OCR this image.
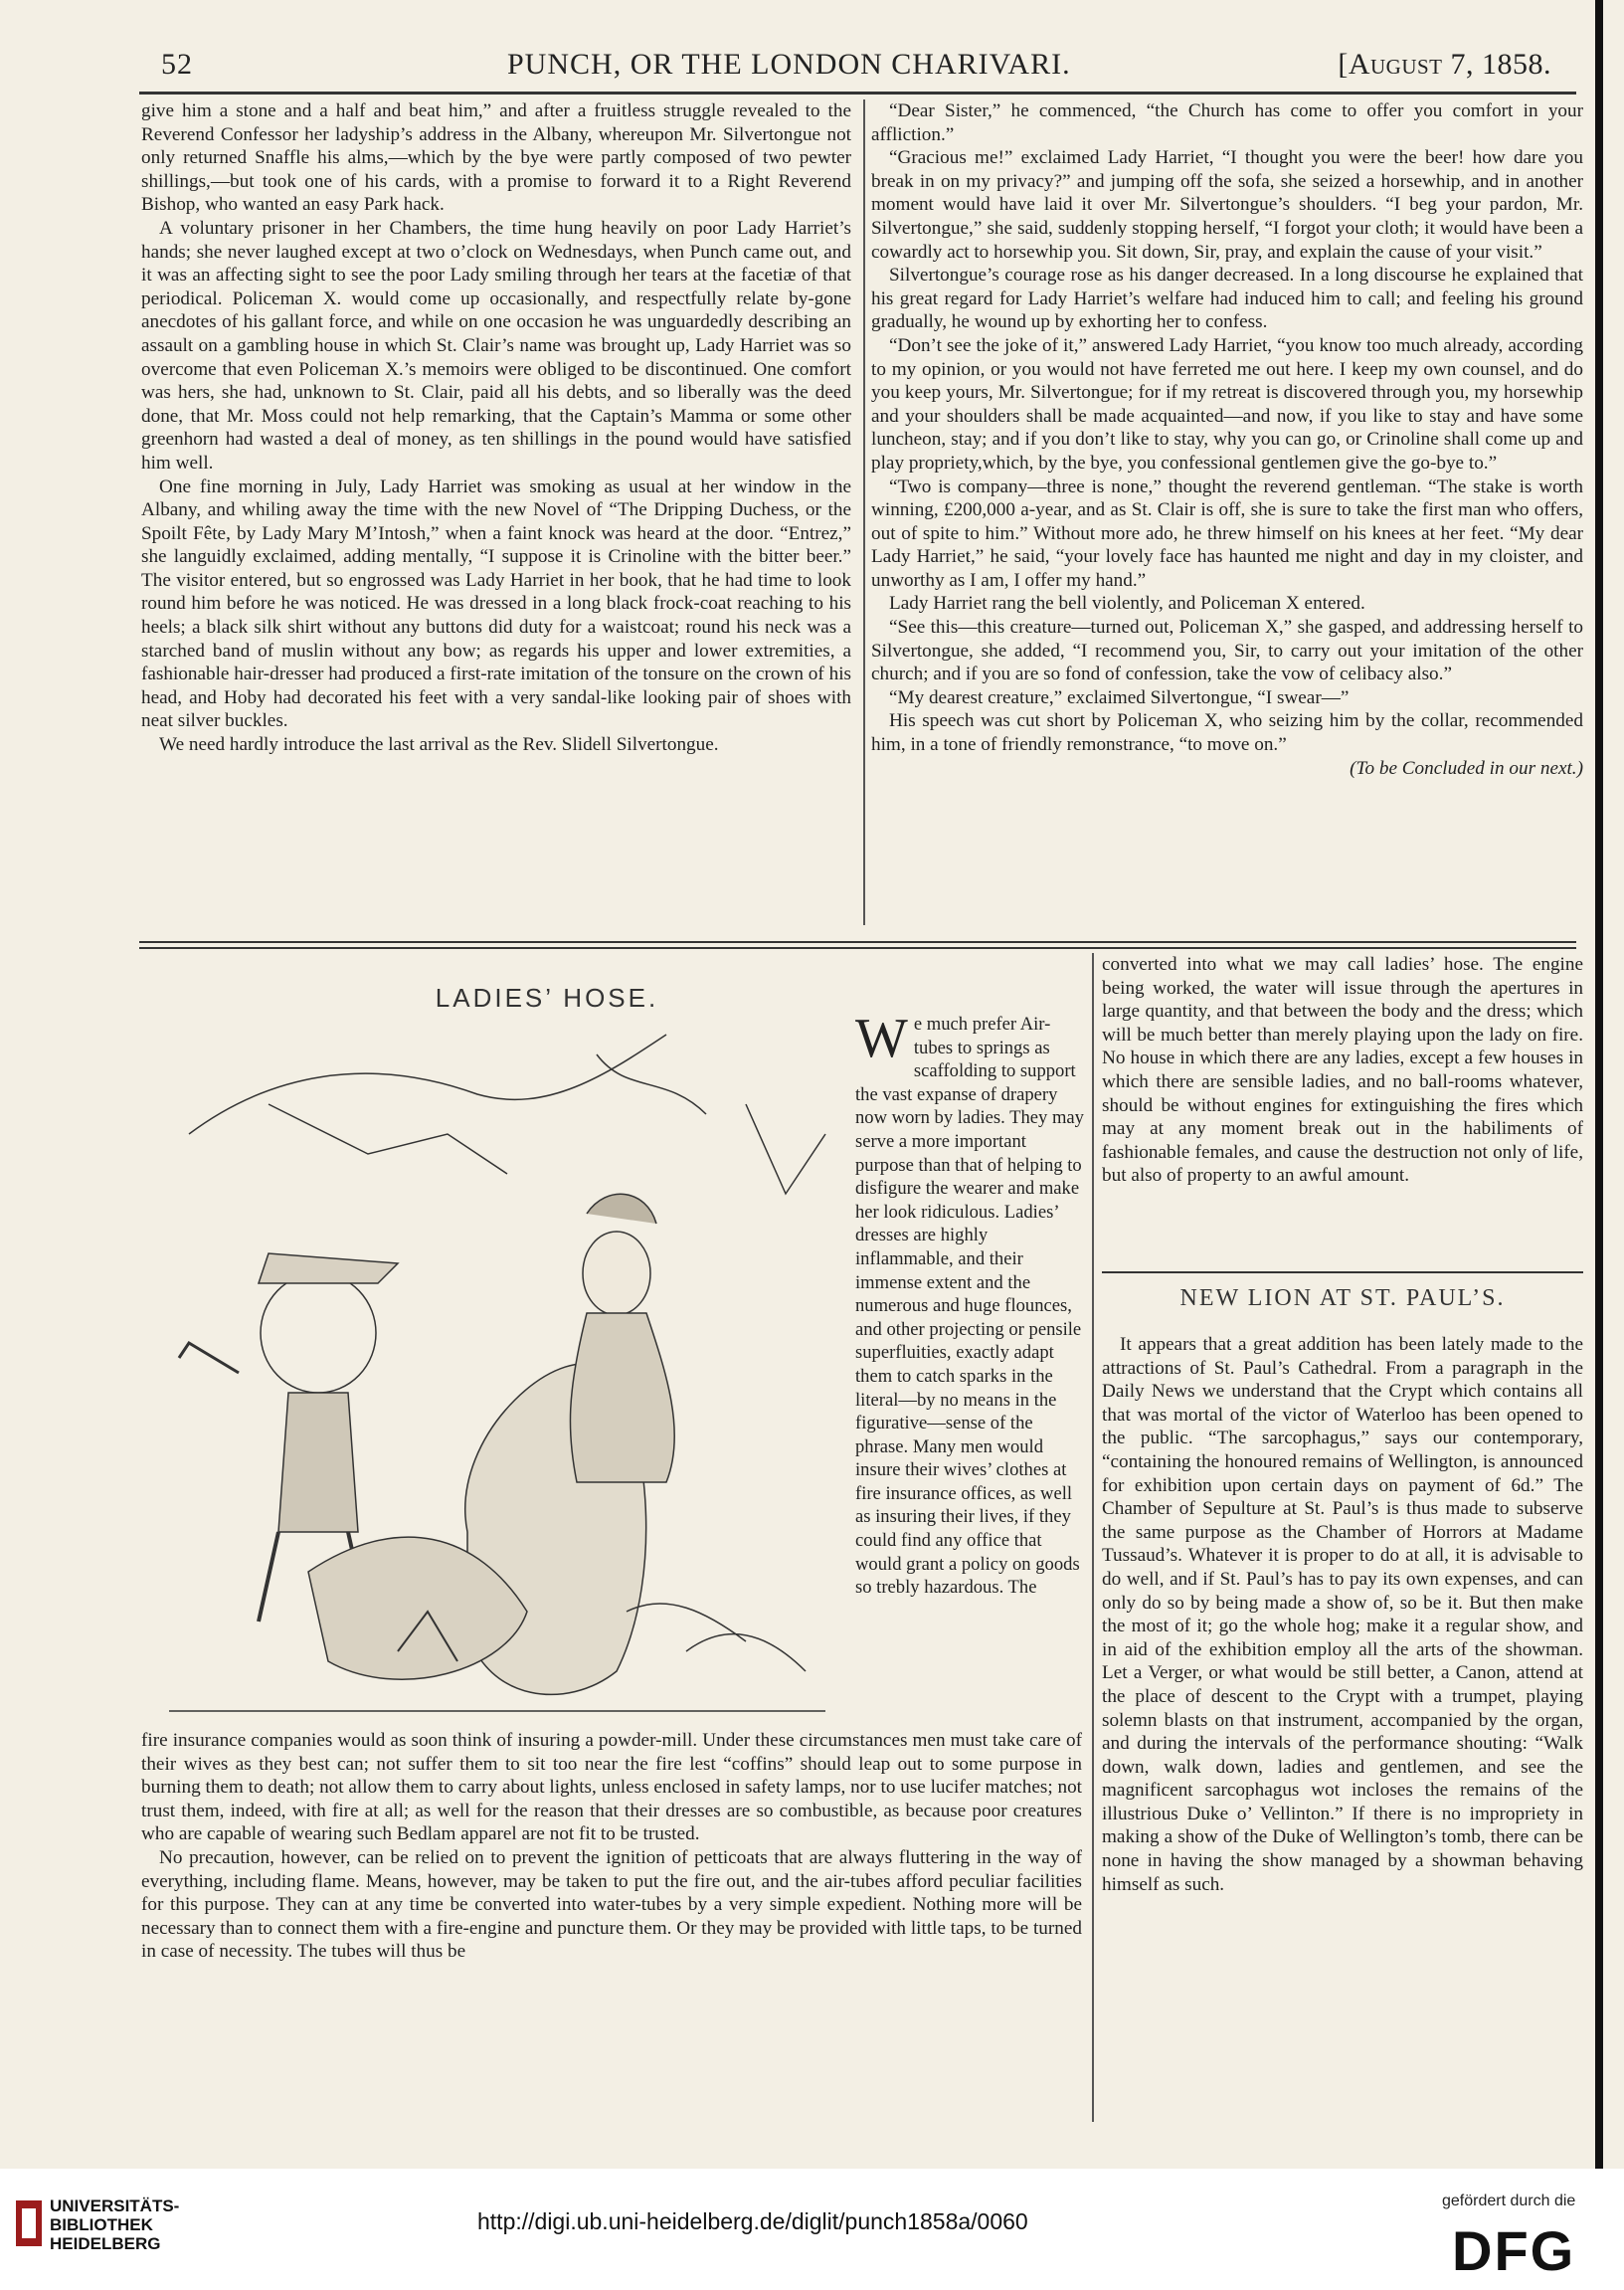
52	PUNCH, OR THE LONDON CHARIVARI.	[August 7, 1858.

give him a stone and a half and beat him,” and after a fruitless struggle revealed to the Reverend Confessor her ladyship’s address in the Albany, whereupon Mr. Silvertongue not only returned Snaffle his alms,—which by the bye were partly composed of two pewter shillings,—but took one of his cards, with a promise to forward it to a Right Reverend Bishop, who wanted an easy Park hack.

A voluntary prisoner in her Chambers, the time hung heavily on poor Lady Harriet’s hands; she never laughed except at two o’clock on Wednesdays, when Punch came out, and it was an affecting sight to see the poor Lady smiling through her tears at the facetiæ of that periodical. Policeman X. would come up occasionally, and respectfully relate by-gone anecdotes of his gallant force, and while on one occasion he was unguardedly describing an assault on a gambling house in which St. Clair’s name was brought up, Lady Harriet was so overcome that even Policeman X.’s memoirs were obliged to be discontinued. One comfort was hers, she had, unknown to St. Clair, paid all his debts, and so liberally was the deed done, that Mr. Moss could not help remarking, that the Captain’s Mamma or some other greenhorn had wasted a deal of money, as ten shillings in the pound would have satisfied him well.

One fine morning in July, Lady Harriet was smoking as usual at her window in the Albany, and whiling away the time with the new Novel of “The Dripping Duchess, or the Spoilt Fête, by Lady Mary M’Intosh,” when a faint knock was heard at the door. “Entrez,” she languidly exclaimed, adding mentally, “I suppose it is Crinoline with the bitter beer.” The visitor entered, but so engrossed was Lady Harriet in her book, that he had time to look round him before he was noticed. He was dressed in a long black frock-coat reaching to his heels; a black silk shirt without any buttons did duty for a waistcoat; round his neck was a starched band of muslin without any bow; as regards his upper and lower extremities, a fashionable hair-dresser had produced a first-rate imitation of the tonsure on the crown of his head, and Hoby had decorated his feet with a very sandal-like looking pair of shoes with neat silver buckles.

We need hardly introduce the last arrival as the Rev. Slidell Silvertongue.

“Dear Sister,” he commenced, “the Church has come to offer you comfort in your affliction.”

“Gracious me!” exclaimed Lady Harriet, “I thought you were the beer! how dare you break in on my privacy?” and jumping off the sofa, she seized a horsewhip, and in another moment would have laid it over Mr. Silvertongue’s shoulders. “I beg your pardon, Mr. Silvertongue,” she said, suddenly stopping herself, “I forgot your cloth; it would have been a cowardly act to horsewhip you. Sit down, Sir, pray, and explain the cause of your visit.”

Silvertongue’s courage rose as his danger decreased. In a long discourse he explained that his great regard for Lady Harriet’s welfare had induced him to call; and feeling his ground gradually, he wound up by exhorting her to confess.

“Don’t see the joke of it,” answered Lady Harriet, “you know too much already, according to my opinion, or you would not have ferreted me out here. I keep my own counsel, and do you keep yours, Mr. Silvertongue; for if my retreat is discovered through you, my horsewhip and your shoulders shall be made acquainted—and now, if you like to stay and have some luncheon, stay; and if you don’t like to stay, why you can go, or Crinoline shall come up and play propriety,which, by the bye, you confessional gentlemen give the go-bye to.”

“Two is company—three is none,” thought the reverend gentleman. “The stake is worth winning, £200,000 a-year, and as St. Clair is off, she is sure to take the first man who offers, out of spite to him.” Without more ado, he threw himself on his knees at her feet. “My dear Lady Harriet,” he said, “your lovely face has haunted me night and day in my cloister, and unworthy as I am, I offer my hand.”

Lady Harriet rang the bell violently, and Policeman X entered.

“See this—this creature—turned out, Policeman X,” she gasped, and addressing herself to Silvertongue, she added, “I recommend you, Sir, to carry out your imitation of the other church; and if you are so fond of confession, take the vow of celibacy also.”

“My dearest creature,” exclaimed Silvertongue, “I swear—”

His speech was cut short by Policeman X, who seizing him by the collar, recommended him, in a tone of friendly remonstrance, “to move on.”

(To be Concluded in our next.)

LADIES’ HOSE.
We much prefer Air-tubes to springs as scaffolding to support the vast expanse of drapery now worn by ladies. They may serve a more important purpose than that of helping to disfigure the wearer and make her look ridiculous. Ladies’ dresses are highly inflammable, and their immense extent and the numerous and huge flounces, and other projecting or pensile superfluities, exactly adapt them to catch sparks in the literal—by no means in the figurative—sense of the phrase. Many men would insure their wives’ clothes at fire insurance offices, as well as insuring their lives, if they could find any office that would grant a policy on goods so trebly hazardous. The

fire insurance companies would as soon think of insuring a powder-mill. Under these circumstances men must take care of their wives as they best can; not suffer them to sit too near the fire lest “coffins” should leap out to some purpose in burning them to death; not allow them to carry about lights, unless enclosed in safety lamps, nor to use lucifer matches; not trust them, indeed, with fire at all; as well for the reason that their dresses are so combustible, as because poor creatures who are capable of wearing such Bedlam apparel are not fit to be trusted.

No precaution, however, can be relied on to prevent the ignition of petticoats that are always fluttering in the way of everything, including flame. Means, however, may be taken to put the fire out, and the air-tubes afford peculiar facilities for this purpose. They can at any time be converted into water-tubes by a very simple expedient. Nothing more will be necessary than to connect them with a fire-engine and puncture them. Or they may be provided with little taps, to be turned in case of necessity. The tubes will thus be

converted into what we may call ladies’ hose. The engine being worked, the water will issue through the apertures in large quantity, and that between the body and the dress; which will be much better than merely playing upon the lady on fire. No house in which there are any ladies, except a few houses in which there are sensible ladies, and no ball-rooms whatever, should be without engines for extinguishing the fires which may at any moment break out in the habiliments of fashionable females, and cause the destruction not only of life, but also of property to an awful amount.

NEW LION AT ST. PAUL’S.

It appears that a great addition has been lately made to the attractions of St. Paul’s Cathedral. From a paragraph in the Daily News we understand that the Crypt which contains all that was mortal of the victor of Waterloo has been opened to the public. “The sarcophagus,” says our contemporary, “containing the honoured remains of Wellington, is announced for exhibition upon certain days on payment of 6d.” The Chamber of Sepulture at St. Paul’s is thus made to subserve the same purpose as the Chamber of Horrors at Madame Tussaud’s. Whatever it is proper to do at all, it is advisable to do well, and if St. Paul’s has to pay its own expenses, and can only do so by being made a show of, so be it. But then make the most of it; go the whole hog; make it a regular show, and in aid of the exhibition employ all the arts of the showman. Let a Verger, or what would be still better, a Canon, attend at the place of descent to the Crypt with a trumpet, playing solemn blasts on that instrument, accompanied by the organ, and during the intervals of the performance shouting: “Walk down, walk down, ladies and gentlemen, and see the magnificent sarcophagus wot incloses the remains of the illustrious Duke o’ Vellinton.” If there is no impropriety in making a show of the Duke of Wellington’s tomb, there can be none in having the show managed by a showman behaving himself as such.

UNIVERSITÄTS-
BIBLIOTHEK
HEIDELBERG
http://digi.ub.uni-heidelberg.de/diglit/punch1858a/0060
gefördert durch die
DFG
